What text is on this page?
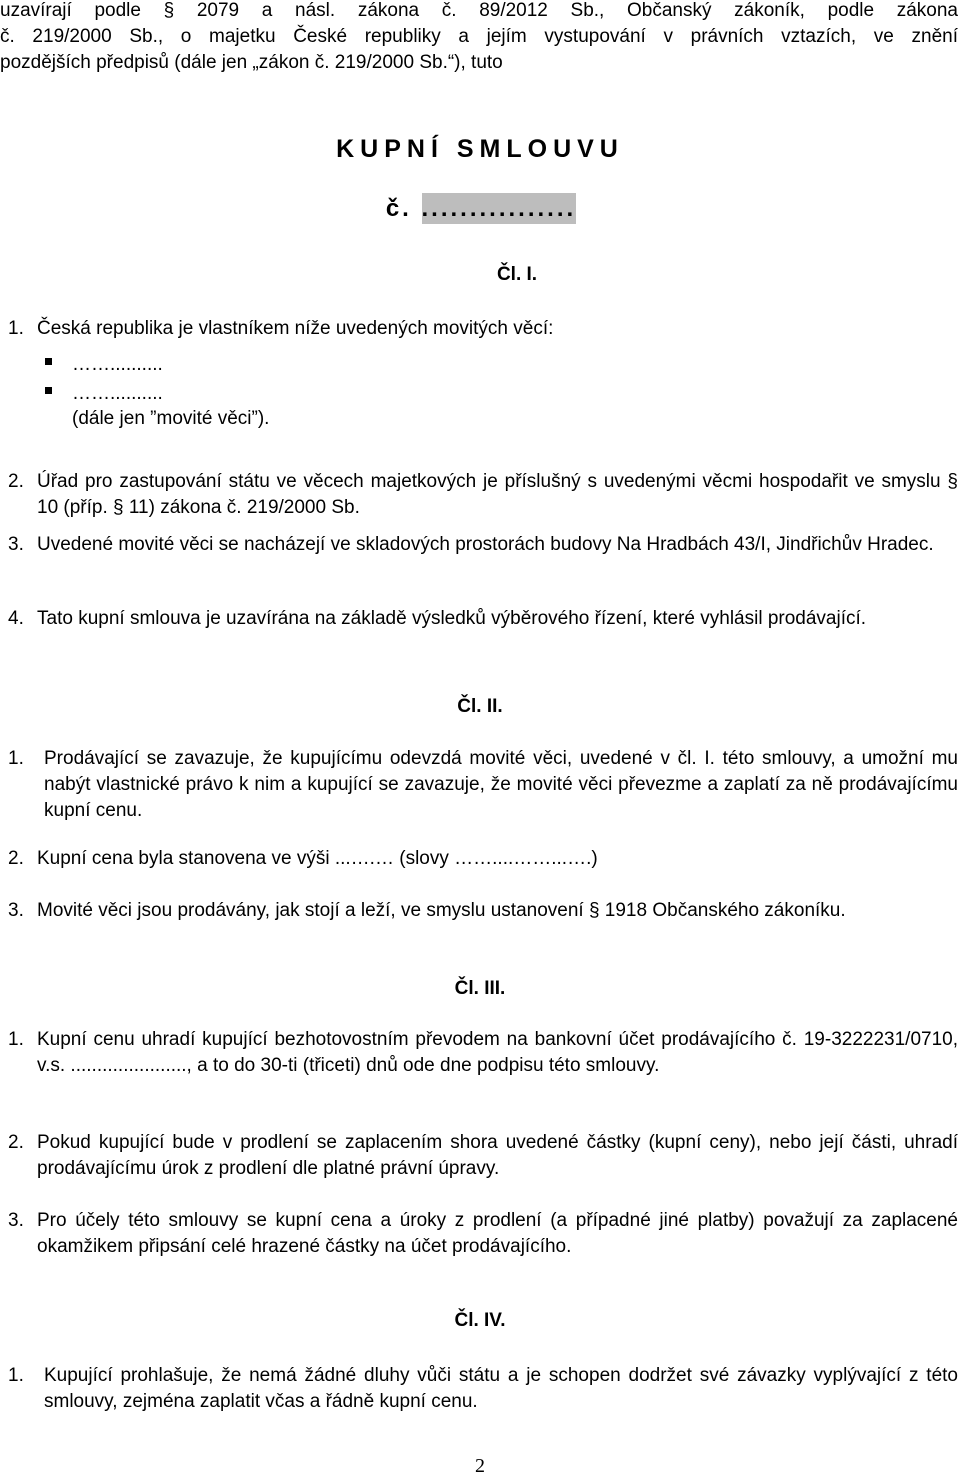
uzavírají podle § 2079 a násl. zákona č. 89/2012 Sb., Občanský zákoník, podle zákona
č. 219/2000 Sb., o majetku České republiky a jejím vystupování v právních vztazích, ve znění
pozdějších předpisů (dále jen „zákon č. 219/2000 Sb.“), tuto
KUPNÍ SMLOUVU
č. ................
Čl. I.
1. Česká republika je vlastníkem níže uvedených movitých věcí:
……..........
……..........
(dále jen ”movité věci”).
2. Úřad pro zastupování státu ve věcech majetkových je příslušný s uvedenými věcmi hospodařit ve smyslu § 10 (příp. § 11) zákona č. 219/2000 Sb.
3. Uvedené movité věci se nacházejí ve skladových prostorách budovy Na Hradbách 43/I, Jindřichův Hradec.
4. Tato kupní smlouva je uzavírána na základě výsledků výběrového řízení, které vyhlásil prodávající.
Čl. II.
1. Prodávající se zavazuje, že kupujícímu odevzdá movité věci, uvedené v čl. I. této smlouvy, a umožní mu nabýt vlastnické právo k nim a kupující se zavazuje, že movité věci převezme a zaplatí za ně prodávajícímu kupní cenu.
2. Kupní cena byla stanovena ve výši ...….… (slovy ……....……...….)
3. Movité věci jsou prodávány, jak stojí a leží, ve smyslu ustanovení § 1918 Občanského zákoníku.
Čl. III.
1. Kupní cenu uhradí kupující bezhotovostním převodem na bankovní účet prodávajícího č. 19-3222231/0710, v.s. ......................, a to do 30-ti (třiceti) dnů ode dne podpisu této smlouvy.
2. Pokud kupující bude v prodlení se zaplacením shora uvedené částky (kupní ceny), nebo její části, uhradí prodávajícímu úrok z prodlení dle platné právní úpravy.
3. Pro účely této smlouvy se kupní cena a úroky z prodlení (a případné jiné platby) považují za zaplacené okamžikem připsání celé hrazené částky na účet prodávajícího.
Čl. IV.
1. Kupující prohlašuje, že nemá žádné dluhy vůči státu a je schopen dodržet své závazky vyplývající z této smlouvy, zejména zaplatit včas a řádně kupní cenu.
2
